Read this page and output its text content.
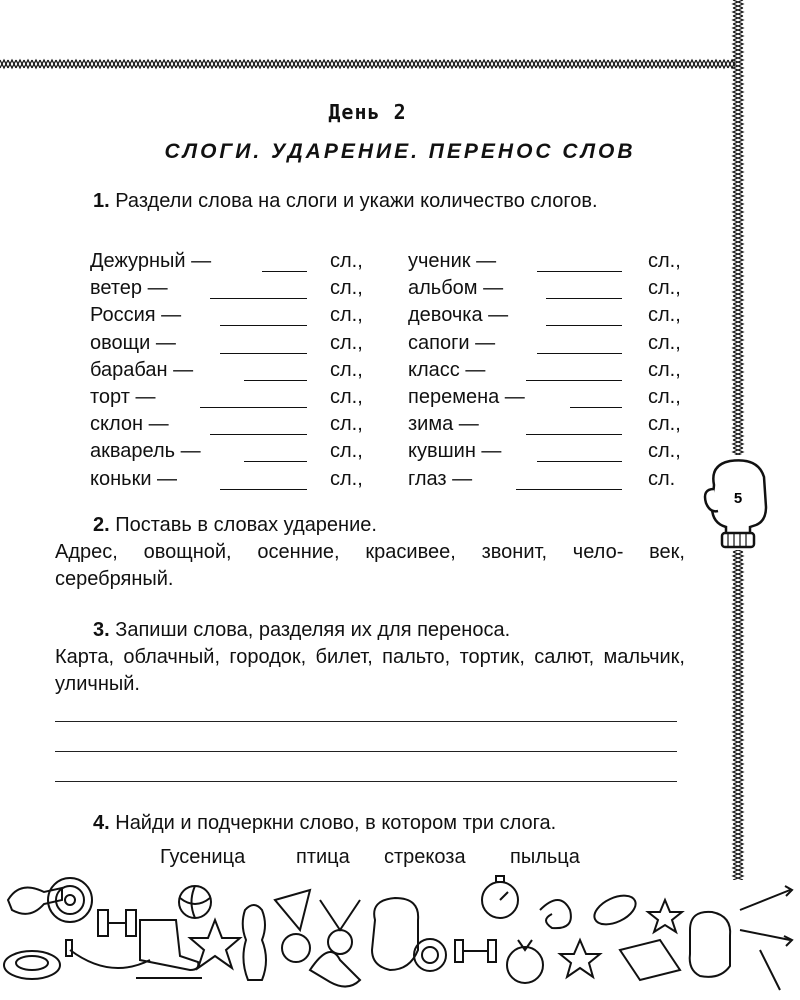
День 2
СЛОГИ. УДАРЕНИЕ. ПЕРЕНОС СЛОВ
1. Раздели слова на слоги и укажи количество слогов.
Дежурный —	сл., ученик —	сл.,
ветер —	сл., альбом —	сл.,
Россия —	сл., девочка —	сл.,
овощи —	сл., сапоги —	сл.,
барабан —	сл., класс —	сл.,
торт —	сл., перемена —	сл.,
склон —	сл., зима —	сл.,
акварель —	сл., кувшин —	сл.,
коньки —	сл., глаз —	сл.
2. Поставь в словах ударение.
Адрес, овощной, осенние, красивее, звонит, чело- век, серебряный.
3. Запиши слова, разделяя их для переноса.
Карта, облачный, городок, билет, пальто, тортик, салют, мальчик, уличный.
4. Найди и подчеркни слово, в котором три слога.
Гусеница	птица стрекоза пыльца
5
